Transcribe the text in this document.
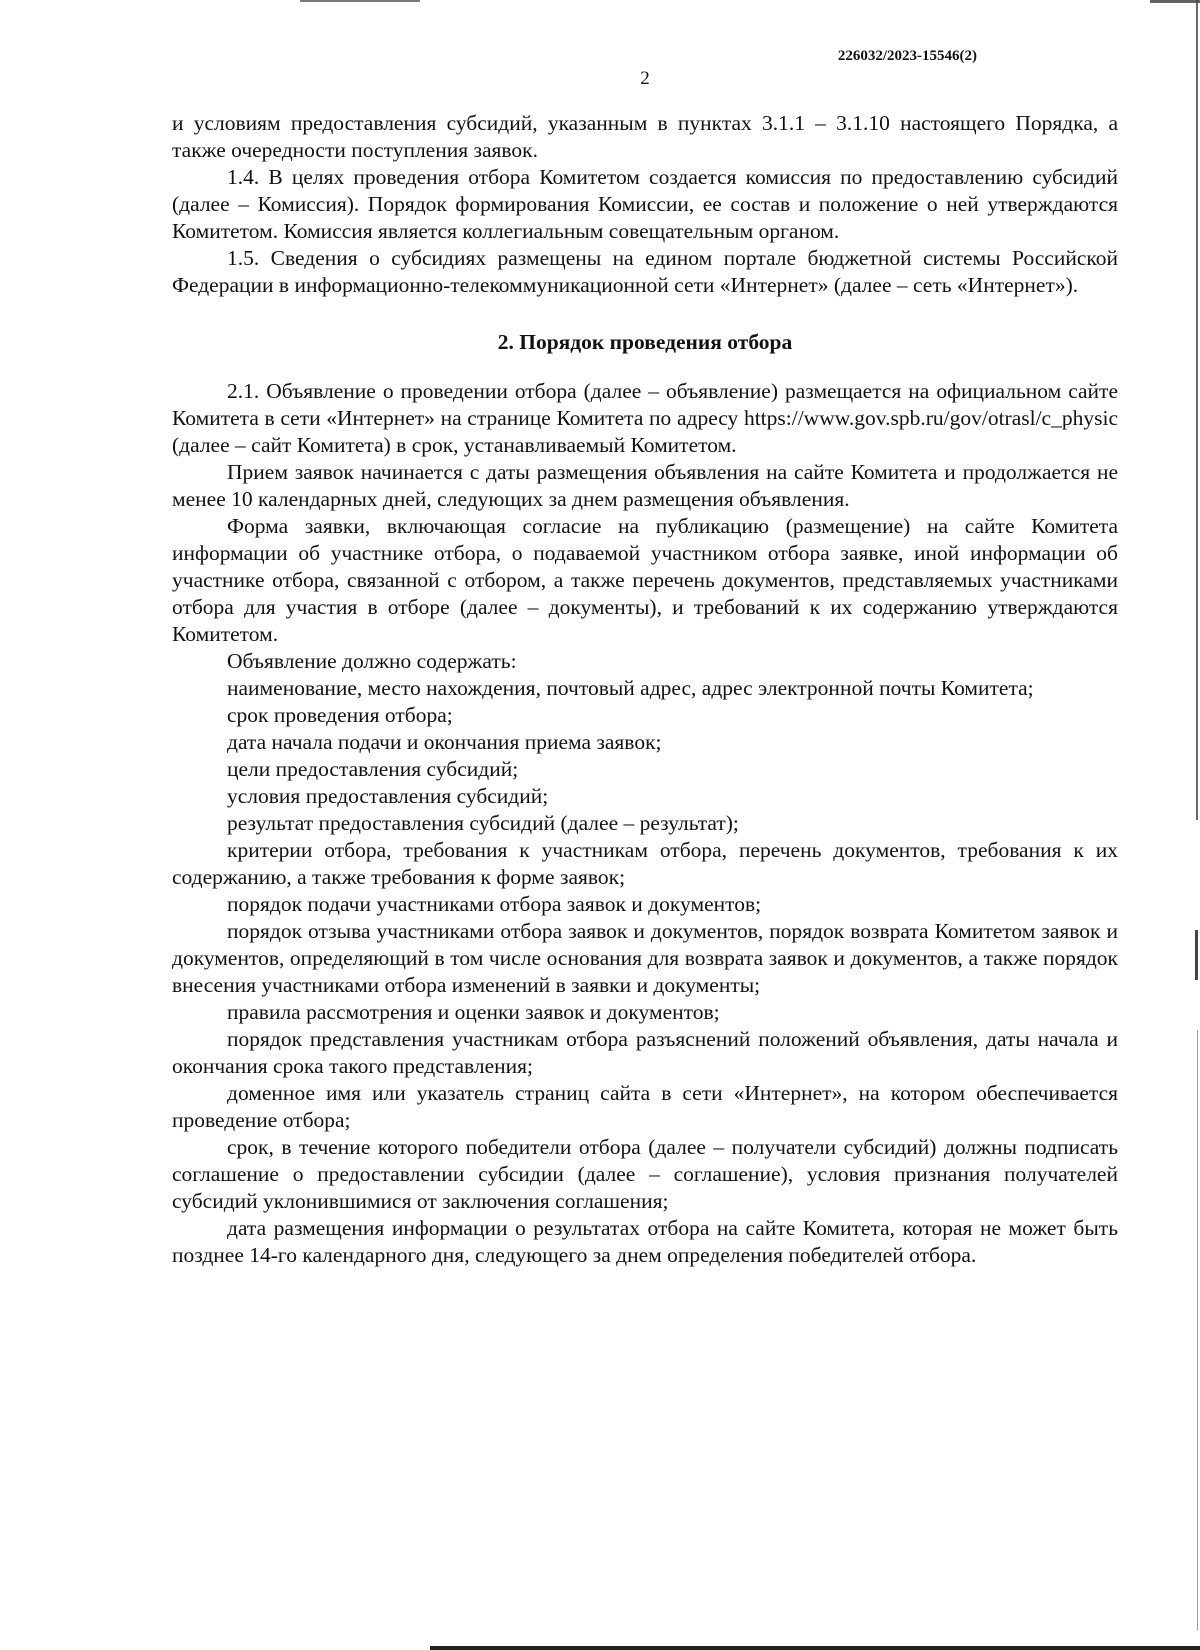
226032/2023-15546(2)
2

и условиям предоставления субсидий, указанным в пунктах 3.1.1 – 3.1.10 настоящего Порядка, а также очередности поступления заявок.

1.4. В целях проведения отбора Комитетом создается комиссия по предоставлению субсидий (далее – Комиссия). Порядок формирования Комиссии, ее состав и положение о ней утверждаются Комитетом. Комиссия является коллегиальным совещательным органом.

1.5. Сведения о субсидиях размещены на едином портале бюджетной системы Российской Федерации в информационно-телекоммуникационной сети «Интернет» (далее – сеть «Интернет»).

2. Порядок проведения отбора

2.1. Объявление о проведении отбора (далее – объявление) размещается на официальном сайте Комитета в сети «Интернет» на странице Комитета по адресу https://www.gov.spb.ru/gov/otrasl/c_physic (далее – сайт Комитета) в срок, устанавливаемый Комитетом.

Прием заявок начинается с даты размещения объявления на сайте Комитета и продолжается не менее 10 календарных дней, следующих за днем размещения объявления.

Форма заявки, включающая согласие на публикацию (размещение) на сайте Комитета информации об участнике отбора, о подаваемой участником отбора заявке, иной информации об участнике отбора, связанной с отбором, а также перечень документов, представляемых участниками отбора для участия в отборе (далее – документы), и требований к их содержанию утверждаются Комитетом.

Объявление должно содержать:

наименование, место нахождения, почтовый адрес, адрес электронной почты Комитета;

срок проведения отбора;

дата начала подачи и окончания приема заявок;

цели предоставления субсидий;

условия предоставления субсидий;

результат предоставления субсидий (далее – результат);

критерии отбора, требования к участникам отбора, перечень документов, требования к их содержанию, а также требования к форме заявок;

порядок подачи участниками отбора заявок и документов;

порядок отзыва участниками отбора заявок и документов, порядок возврата Комитетом заявок и документов, определяющий в том числе основания для возврата заявок и документов, а также порядок внесения участниками отбора изменений в заявки и документы;

правила рассмотрения и оценки заявок и документов;

порядок представления участникам отбора разъяснений положений объявления, даты начала и окончания срока такого представления;

доменное имя или указатель страниц сайта в сети «Интернет», на котором обеспечивается проведение отбора;

срок, в течение которого победители отбора (далее – получатели субсидий) должны подписать соглашение о предоставлении субсидии (далее – соглашение), условия признания получателей субсидий уклонившимися от заключения соглашения;

дата размещения информации о результатах отбора на сайте Комитета, которая не может быть позднее 14-го календарного дня, следующего за днем определения победителей отбора.
